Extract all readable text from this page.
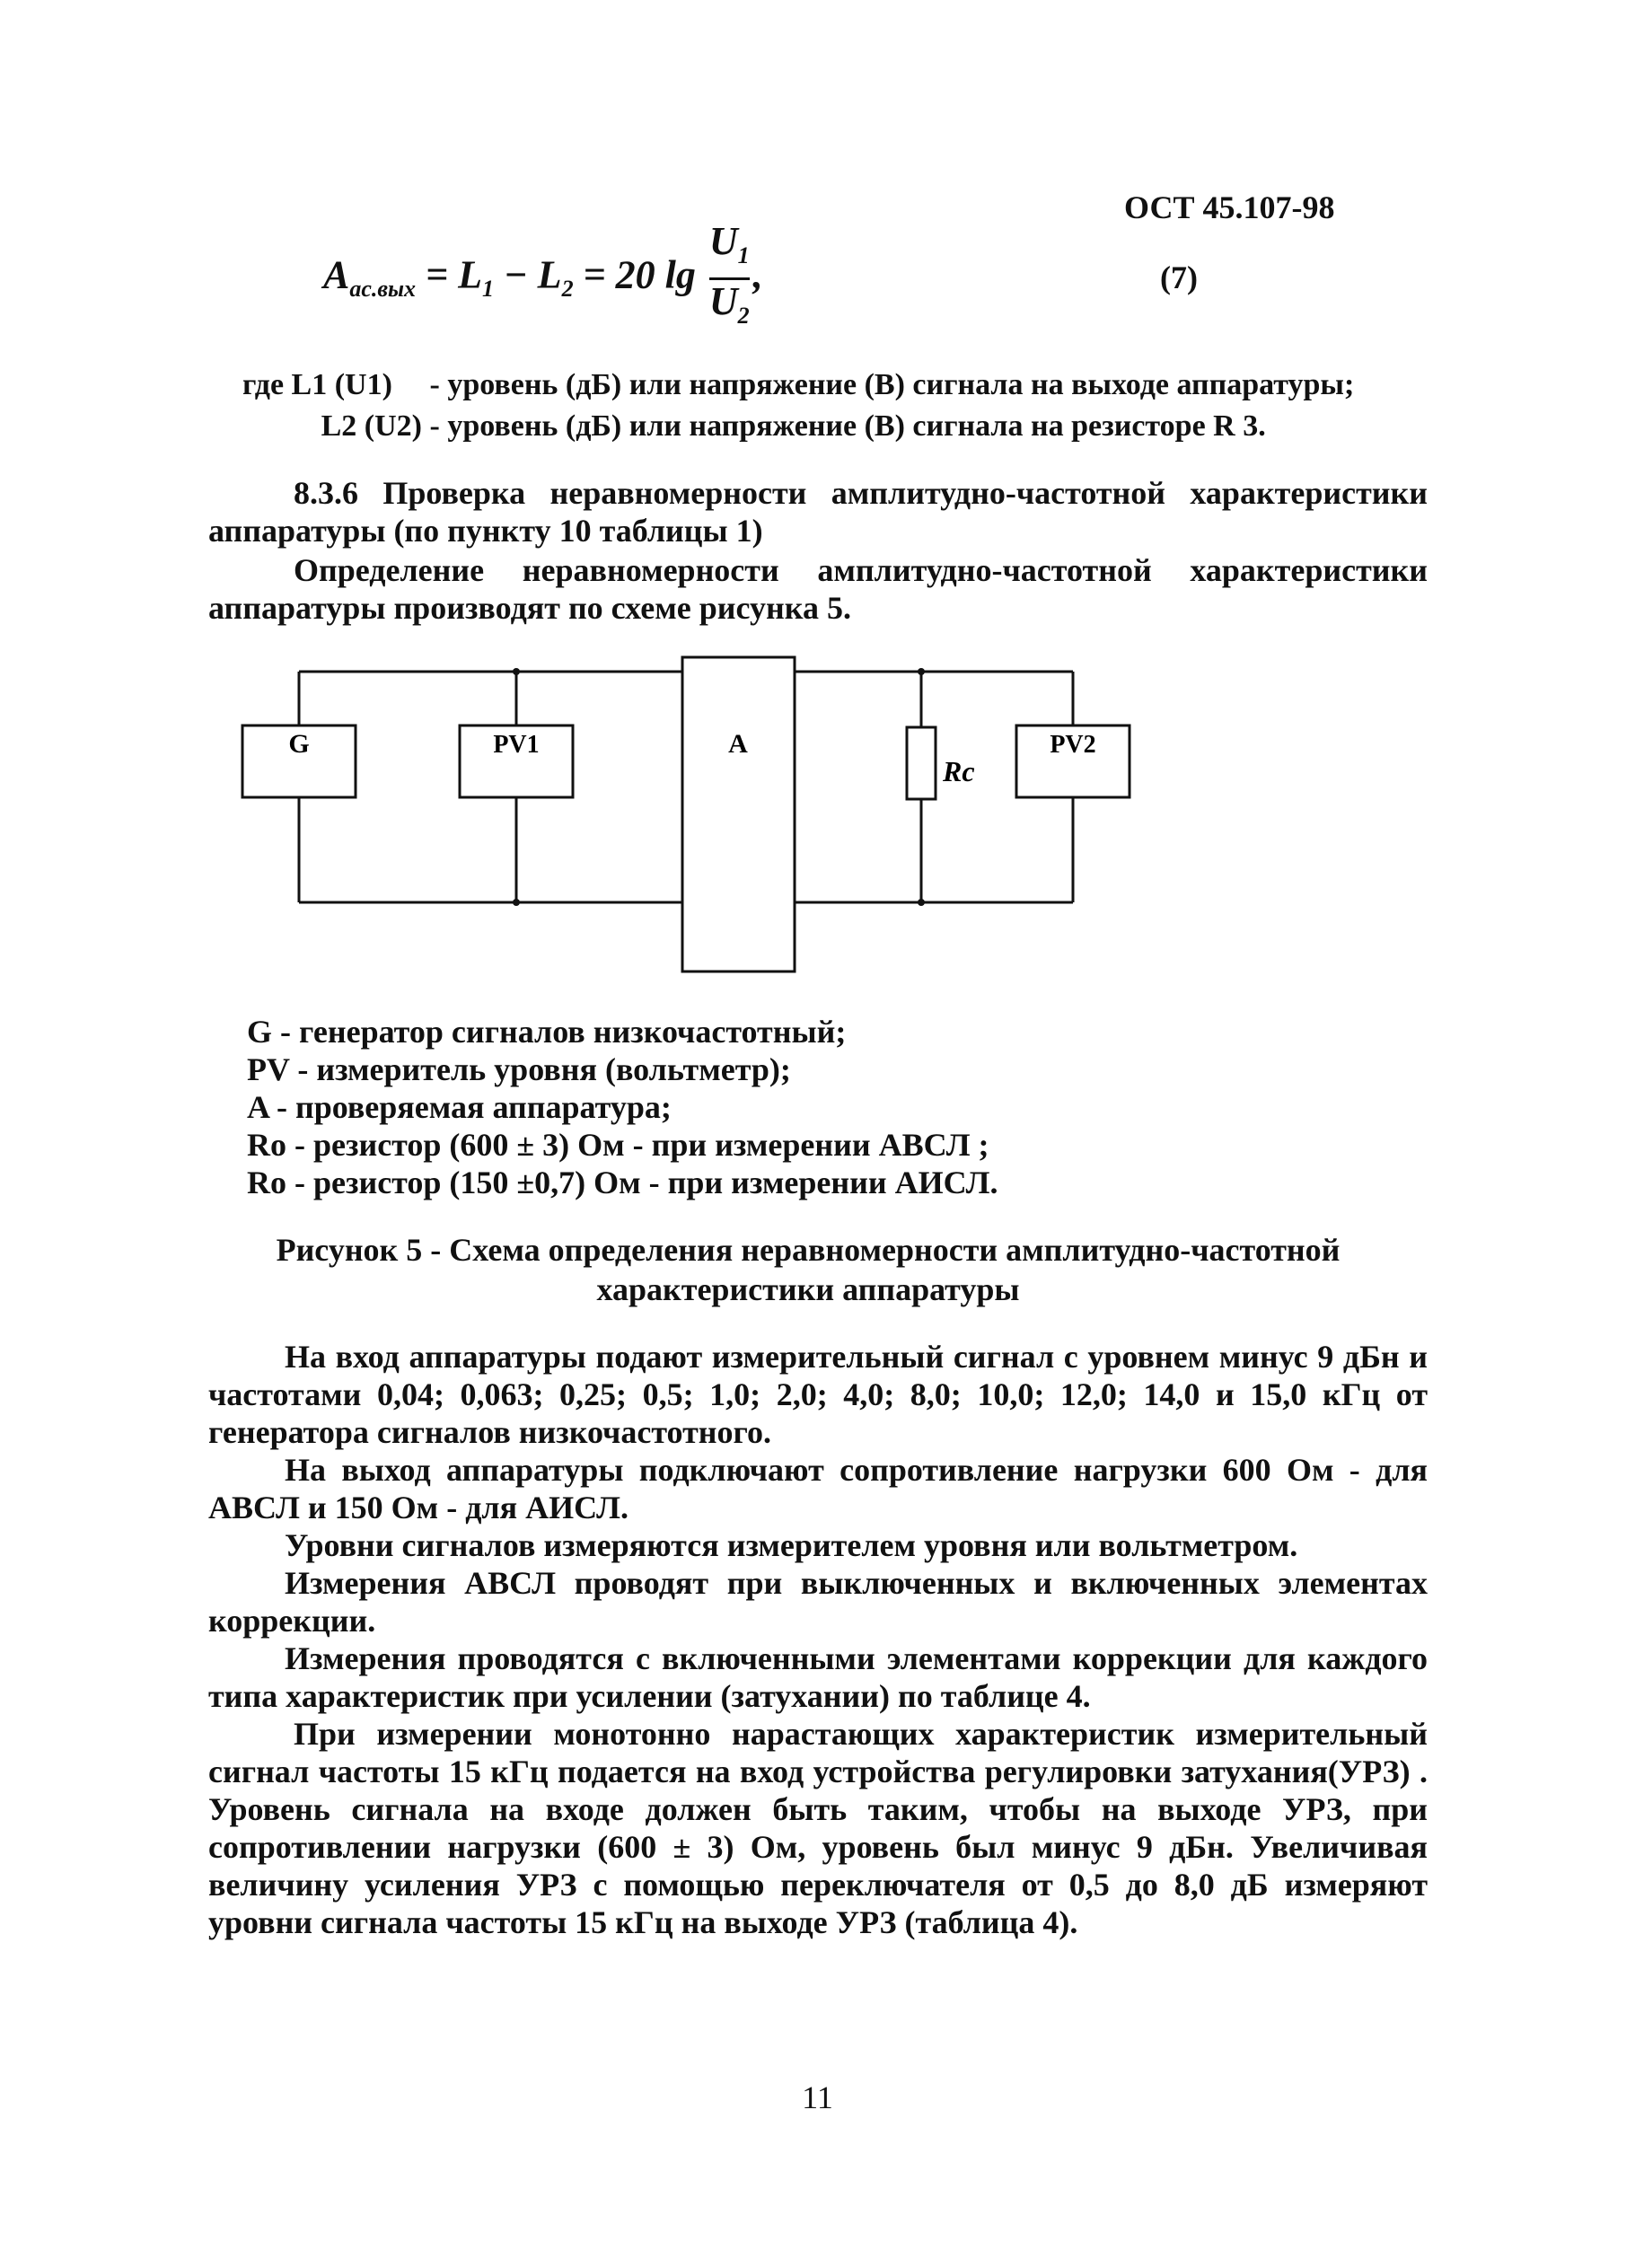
ОСТ 45.107-98
$A_{ac.вых} = L_1 - L_2 = 20$ $\lg \frac{U_1}{U_2}$ ,	(7)
где L1 (U1) - уровень (дБ) или напряжение (В) сигнала на выходе аппаратуры;
L2 (U2) - уровень (дБ) или напряжение (В) сигнала на резисторе R 3.
8.3.6 Проверка неравномерности амплитудно-частотной характеристики аппаратуры (по пункту 10 таблицы 1)
Определение неравномерности амплитудно-частотной характеристики аппаратуры производят по схеме рисунка 5.
G	PV1	A
Rc
PV2
G - генератор сигналов низкочастотный;
PV - измеритель уровня (вольтметр);
A - проверяемая аппаратура;
Ro - резистор (600 ± 3) Ом - при измерении АВСЛ ;
Ro - резистор (150 ±0,7) Ом - при измерении АИСЛ.
Рисунок 5 - Схема определения неравномерности амплитудно-частотной
характеристики аппаратуры
На вход аппаратуры подают измерительный сигнал с уровнем минус 9 дБн и частотами 0,04; 0,063; 0,25; 0,5; 1,0; 2,0; 4,0; 8,0; 10,0; 12,0; 14,0 и 15,0 кГц от генератора сигналов низкочастотного.
На выход аппаратуры подключают сопротивление нагрузки 600 Ом - для АВСЛ и 150 Ом - для АИСЛ.
Уровни сигналов измеряются измерителем уровня или вольтметром.
Измерения АВСЛ проводят при выключенных и включенных элементах коррекции.
Измерения проводятся с включенными элементами коррекции для каждого типа характеристик при усилении (затухании) по таблице 4.
При измерении монотонно нарастающих характеристик измерительный сигнал частоты 15 кГц подается на вход устройства регулировки затухания(УРЗ) . Уровень сигнала на входе должен быть таким, чтобы на выходе УРЗ, при сопротивлении нагрузки (600 ± 3) Ом, уровень был минус 9 дБн. Увеличивая величину усиления УРЗ с помощью переключателя от 0,5 до 8,0 дБ измеряют уровни сигнала частоты 15 кГц на выходе УРЗ (таблица 4).
11
